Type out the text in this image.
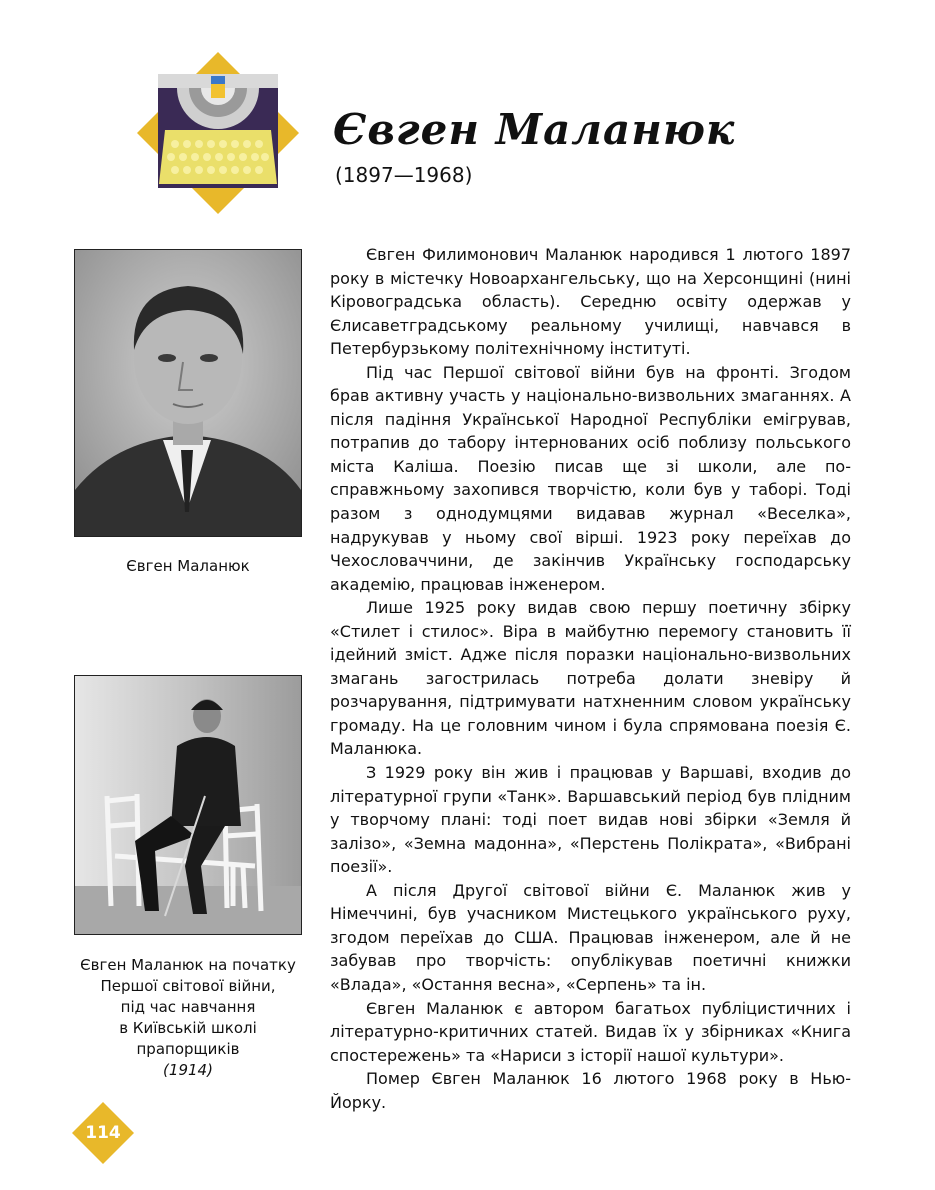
Євген Маланюк
(1897—1968)
Євген Маланюк
Євген Маланюк на початку
Першої світової війни,
під час навчання
в Київській школі
прапорщиків
(1914)

Євген Филимонович Маланюк народився 1 лютого 1897 року в містечку Новоархангельську, що на Херсонщині (нині Кіровоградська область). Середню освіту одержав у Єлисаветградському реальному училищі, навчався в Петербурзькому політехнічному інституті.

Під час Першої світової війни був на фронті. Згодом брав активну участь у національно-визвольних змаганнях. А після падіння Української Народної Республіки емігрував, потрапив до табору інтернованих осіб поблизу польського міста Каліша. Поезію писав ще зі школи, але по-справжньому захопився творчістю, коли був у таборі. Тоді разом з однодумцями видавав журнал «Веселка», надрукував у ньому свої вірші. 1923 року переїхав до Чехословаччини, де закінчив Українську господарську академію, працював інженером.

Лише 1925 року видав свою першу поетичну збірку «Стилет і стилос». Віра в майбутню перемогу становить її ідейний зміст. Адже після поразки національно-визвольних змагань загострилась потреба долати зневіру й розчарування, підтримувати натхненним словом українську громаду. На це головним чином і була спрямована поезія Є. Маланюка.

З 1929 року він жив і працював у Варшаві, входив до літературної групи «Танк». Варшавський період був плідним у творчому плані: тоді поет видав нові збірки «Земля й залізо», «Земна мадонна», «Перстень Полікрата», «Вибрані поезії».

А після Другої світової війни Є. Маланюк жив у Німеччині, був учасником Мистецького українського руху, згодом переїхав до США. Працював інженером, але й не забував про творчість: опублікував поетичні книжки «Влада», «Остання весна», «Серпень» та ін.

Євген Маланюк є автором багатьох публіцистичних і літературно-критичних статей. Видав їх у збірниках «Книга спостережень» та «Нариси з історії нашої культури».

Помер Євген Маланюк 16 лютого 1968 року в Нью-Йорку.

114
